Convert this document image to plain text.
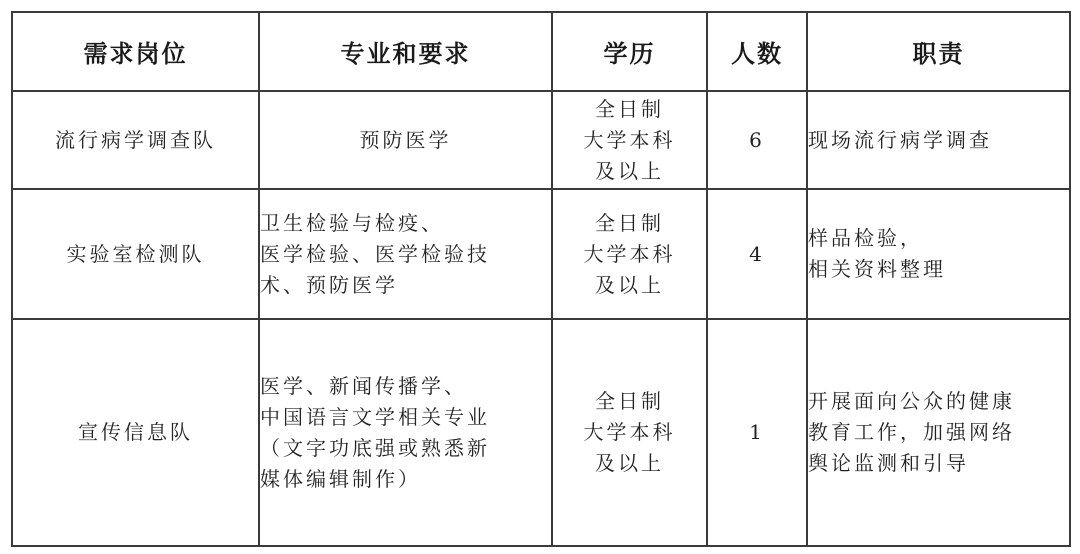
需求岗位	专业和要求	学历	人数	职责

流行病学调查队	预防医学	全日制
大学本科
及以上	6	现场流行病学调查

实验室检测队	卫生检验与检疫、
医学检验、医学检验技
术、预防医学	全日制
大学本科
及以上	4	样品检验，
相关资料整理

宣传信息队	医学、新闻传播学、
中国语言文学相关专业
（文字功底强或熟悉新
媒体编辑制作）	全日制
大学本科
及以上	1	开展面向公众的健康
教育工作，加强网络
舆论监测和引导
